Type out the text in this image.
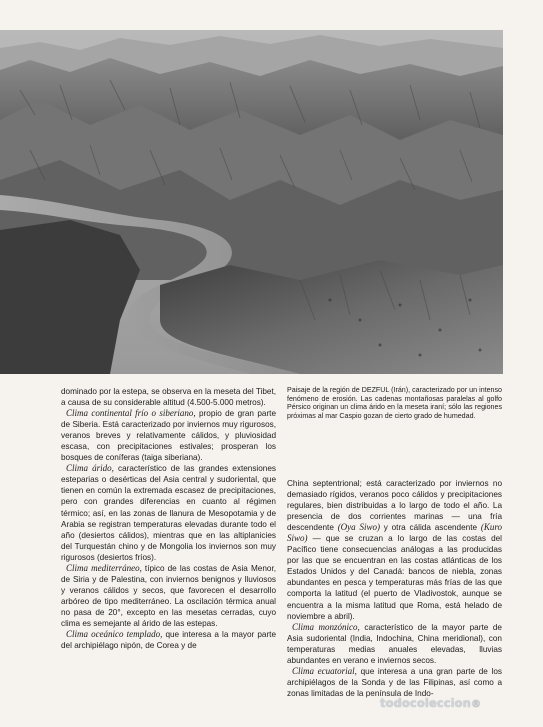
Paisaje de la región de DEZFUL (Irán), caracterizado por un intenso fenómeno de erosión. Las cadenas montañosas paralelas al golfo Pérsico originan un clima árido en la meseta iraní; sólo las regiones próximas al mar Caspio gozan de cierto grado de humedad.

dominado por la estepa, se observa en la meseta del Tibet, a causa de su considerable altitud (4.500-5.000 metros).

Clima continental frío o siberiano, propio de gran parte de Siberia. Está caracterizado por inviernos muy rigurosos, veranos breves y relativamente cálidos, y pluviosidad escasa, con precipitaciones estivales; prosperan los bosques de coníferas (taiga siberiana).

Clima árido, característico de las grandes extensiones esteparias o desérticas del Asia central y sudoriental, que tienen en común la extremada escasez de precipitaciones, pero con grandes diferencias en cuanto al régimen térmico; así, en las zonas de llanura de Mesopotamia y de Arabia se registran temperaturas elevadas durante todo el año (desiertos cálidos), mientras que en las altiplanicies del Turquestán chino y de Mongolia los inviernos son muy rigurosos (desiertos fríos).

Clima mediterráneo, típico de las costas de Asia Menor, de Siria y de Palestina, con inviernos benignos y lluviosos y veranos cálidos y secos, que favorecen el desarrollo arbóreo de tipo mediterráneo. La oscilación térmica anual no pasa de 20°, excepto en las mesetas cerradas, cuyo clima es semejante al árido de las estepas.

Clima oceánico templado, que interesa a la mayor parte del archipiélago nipón, de Corea y de

China septentrional; está caracterizado por inviernos no demasiado rígidos, veranos poco cálidos y precipitaciones regulares, bien distribuidas a lo largo de todo el año. La presencia de dos corrientes marinas — una fría descendente (Oya Siwo) y otra cálida ascendente (Kuro Siwo) — que se cruzan a lo largo de las costas del Pacífico tiene consecuencias análogas a las producidas por las que se encuentran en las costas atlánticas de los Estados Unidos y del Canadá: bancos de niebla, zonas abundantes en pesca y temperaturas más frías de las que comporta la latitud (el puerto de Vladivostok, aunque se encuentra a la misma latitud que Roma, está helado de noviembre a abril).

Clima monzónico, característico de la mayor parte de Asia sudoriental (India, Indochina, China meridional), con temperaturas medias anuales elevadas, lluvias abundantes en verano e inviernos secos.

Clima ecuatorial, que interesa a una gran parte de los archipiélagos de la Sonda y de las Filipinas, así como a zonas limitadas de la península de Indo-

todocoleccion®
